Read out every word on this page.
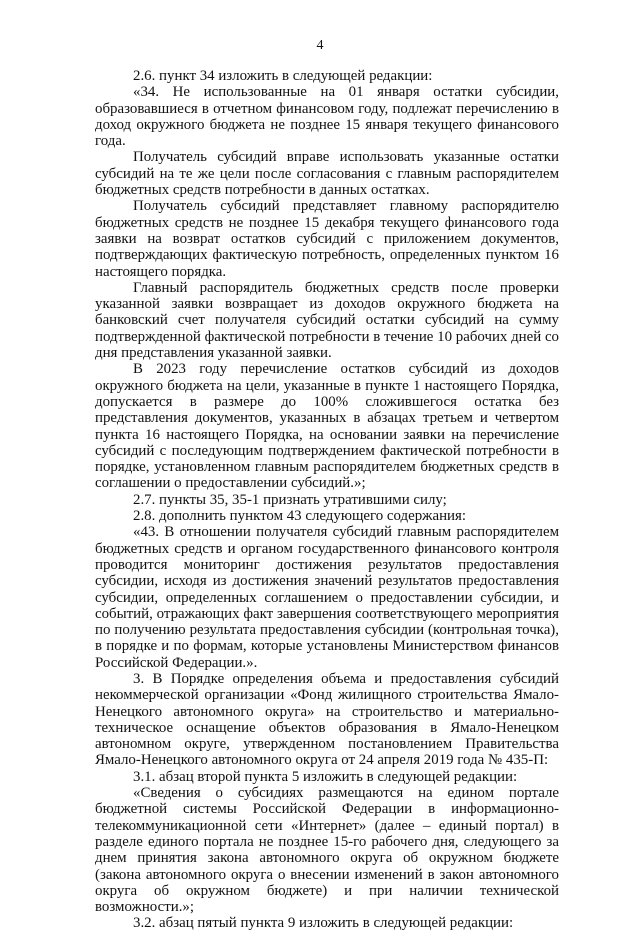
4

2.6. пункт 34 изложить в следующей редакции:

«34. Не использованные на 01 января остатки субсидии, образовавшиеся в отчетном финансовом году, подлежат перечислению в доход окружного бюджета не позднее 15 января текущего финансового года.

Получатель субсидий вправе использовать указанные остатки субсидий на те же цели после согласования с главным распорядителем бюджетных средств потребности в данных остатках.

Получатель субсидий представляет главному распорядителю бюджетных средств не позднее 15 декабря текущего финансового года заявки на возврат остатков субсидий с приложением документов, подтверждающих фактическую потребность, определенных пунктом 16 настоящего порядка.

Главный распорядитель бюджетных средств после проверки указанной заявки возвращает из доходов окружного бюджета на банковский счет получателя субсидий остатки субсидий на сумму подтвержденной фактической потребности в течение 10 рабочих дней со дня представления указанной заявки.

В 2023 году перечисление остатков субсидий из доходов окружного бюджета на цели, указанные в пункте 1 настоящего Порядка, допускается в размере до 100% сложившегося остатка без представления документов, указанных в абзацах третьем и четвертом пункта 16 настоящего Порядка, на основании заявки на перечисление субсидий с последующим подтверждением фактической потребности в порядке, установленном главным распорядителем бюджетных средств в соглашении о предоставлении субсидий.»;

2.7. пункты 35, 35-1 признать утратившими силу;

2.8. дополнить пунктом 43 следующего содержания:

«43. В отношении получателя субсидий главным распорядителем бюджетных средств и органом государственного финансового контроля проводится мониторинг достижения результатов предоставления субсидии, исходя из достижения значений результатов предоставления субсидии, определенных соглашением о предоставлении субсидии, и событий, отражающих факт завершения соответствующего мероприятия по получению результата предоставления субсидии (контрольная точка), в порядке и по формам, которые установлены Министерством финансов Российской Федерации.».

3. В Порядке определения объема и предоставления субсидий некоммерческой организации «Фонд жилищного строительства Ямало-Ненецкого автономного округа» на строительство и материально-техническое оснащение объектов образования в Ямало-Ненецком автономном округе, утвержденном постановлением Правительства Ямало-Ненецкого автономного округа от 24 апреля 2019 года № 435-П:

3.1. абзац второй пункта 5 изложить в следующей редакции:

«Сведения о субсидиях размещаются на едином портале бюджетной системы Российской Федерации в информационно-телекоммуникационной сети «Интернет» (далее – единый портал) в разделе единого портала не позднее 15-го рабочего дня, следующего за днем принятия закона автономного округа об окружном бюджете (закона автономного округа о внесении изменений в закон автономного округа об окружном бюджете) и при наличии технической возможности.»;

3.2. абзац пятый пункта 9 изложить в следующей редакции:
